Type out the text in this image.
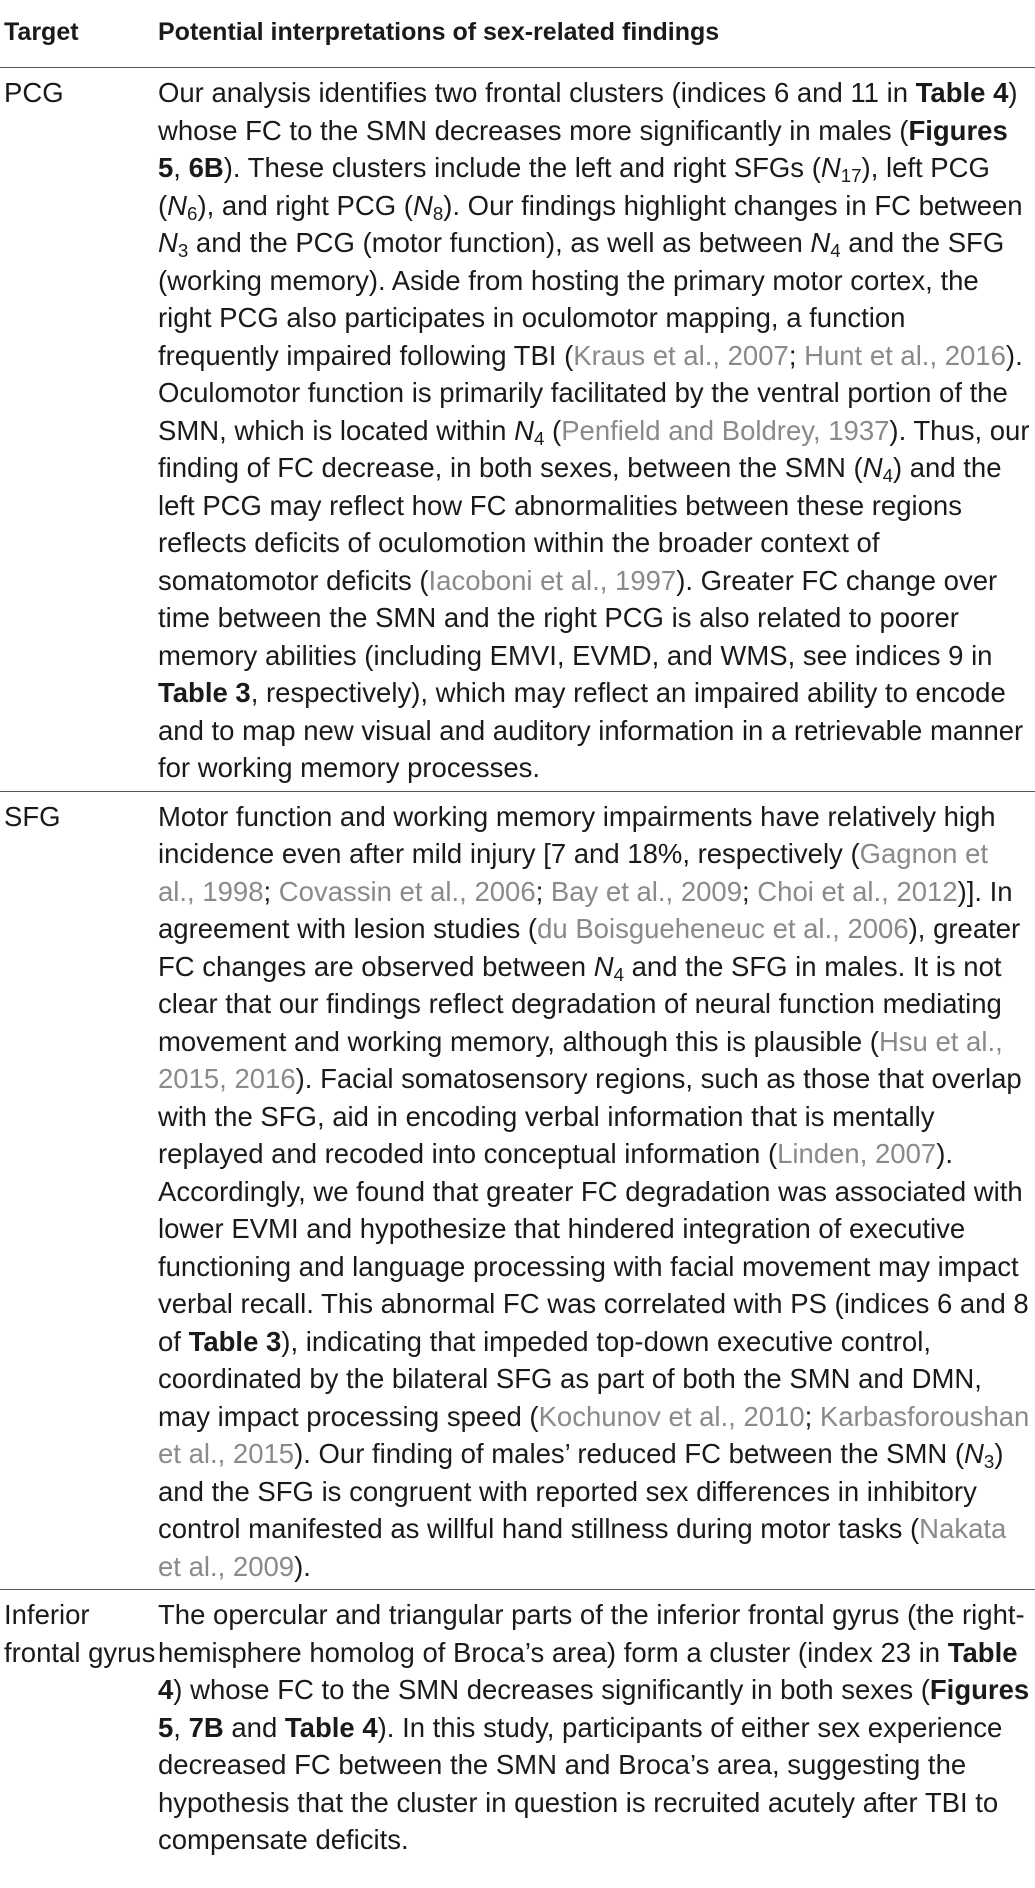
Target	Potential interpretations of sex-related findings
PCG	Our analysis identifies two frontal clusters (indices 6 and 11 in Table 4) whose FC to the SMN decreases more significantly in males (Figures 5, 6B). These clusters include the left and right SFGs $(N_{17})$, left PCG $(N_6)$, and right PCG $(N_8)$. Our findings highlight changes in FC between $N_3$ and the PCG (motor function), as well as between $N_4$ and the SFG (working memory). Aside from hosting the primary motor cortex, the right PCG also participates in oculomotor mapping, a function frequently impaired following TBI (Kraus et al., 2007; Hunt et al., 2016). Oculomotor function is primarily facilitated by the ventral portion of the SMN, which is located within $N_4$ (Penfield and Boldrey, 1937). Thus, our finding of FC decrease, in both sexes, between the SMN $(N_4)$ and the left PCG may reflect how FC abnormalities between these regions reflects deficits of oculomotion within the broader context of somatomotor deficits (Iacoboni et al., 1997). Greater FC change over time between the SMN and the right PCG is also related to poorer memory abilities (including EMVI, EVMD, and WMS, see indices 9 in Table 3, respectively), which may reflect an impaired ability to encode and to map new visual and auditory information in a retrievable manner for working memory processes.
SFG	Motor function and working memory impairments have relatively high incidence even after mild injury [7 and 18%, respectively (Gagnon et al., 1998; Covassin et al., 2006; Bay et al., 2009; Choi et al., 2012)]. In agreement with lesion studies (du Boisgueheneuc et al., 2006), greater FC changes are observed between $N_4$ and the SFG in males. It is not clear that our findings reflect degradation of neural function mediating movement and working memory, although this is plausible (Hsu et al., 2015, 2016). Facial somatosensory regions, such as those that overlap with the SFG, aid in encoding verbal information that is mentally replayed and recoded into conceptual information (Linden, 2007). Accordingly, we found that greater FC degradation was associated with lower EVMI and hypothesize that hindered integration of executive functioning and language processing with facial movement may impact verbal recall. This abnormal FC was correlated with PS (indices 6 and 8 of Table 3), indicating that impeded top-down executive control, coordinated by the bilateral SFG as part of both the SMN and DMN, may impact processing speed (Kochunov et al., 2010; Karbasforoushan et al., 2015). Our finding of males’ reduced FC between the SMN $(N_3)$ and the SFG is congruent with reported sex differences in inhibitory control manifested as willful hand stillness during motor tasks (Nakata et al., 2009).
Inferior frontal gyrus	The opercular and triangular parts of the inferior frontal gyrus (the right-hemisphere homolog of Broca’s area) form a cluster (index 23 in Table 4) whose FC to the SMN decreases significantly in both sexes (Figures 5, 7B and Table 4). In this study, participants of either sex experience decreased FC between the SMN and Broca’s area, suggesting the hypothesis that the cluster in question is recruited acutely after TBI to compensate deficits.
